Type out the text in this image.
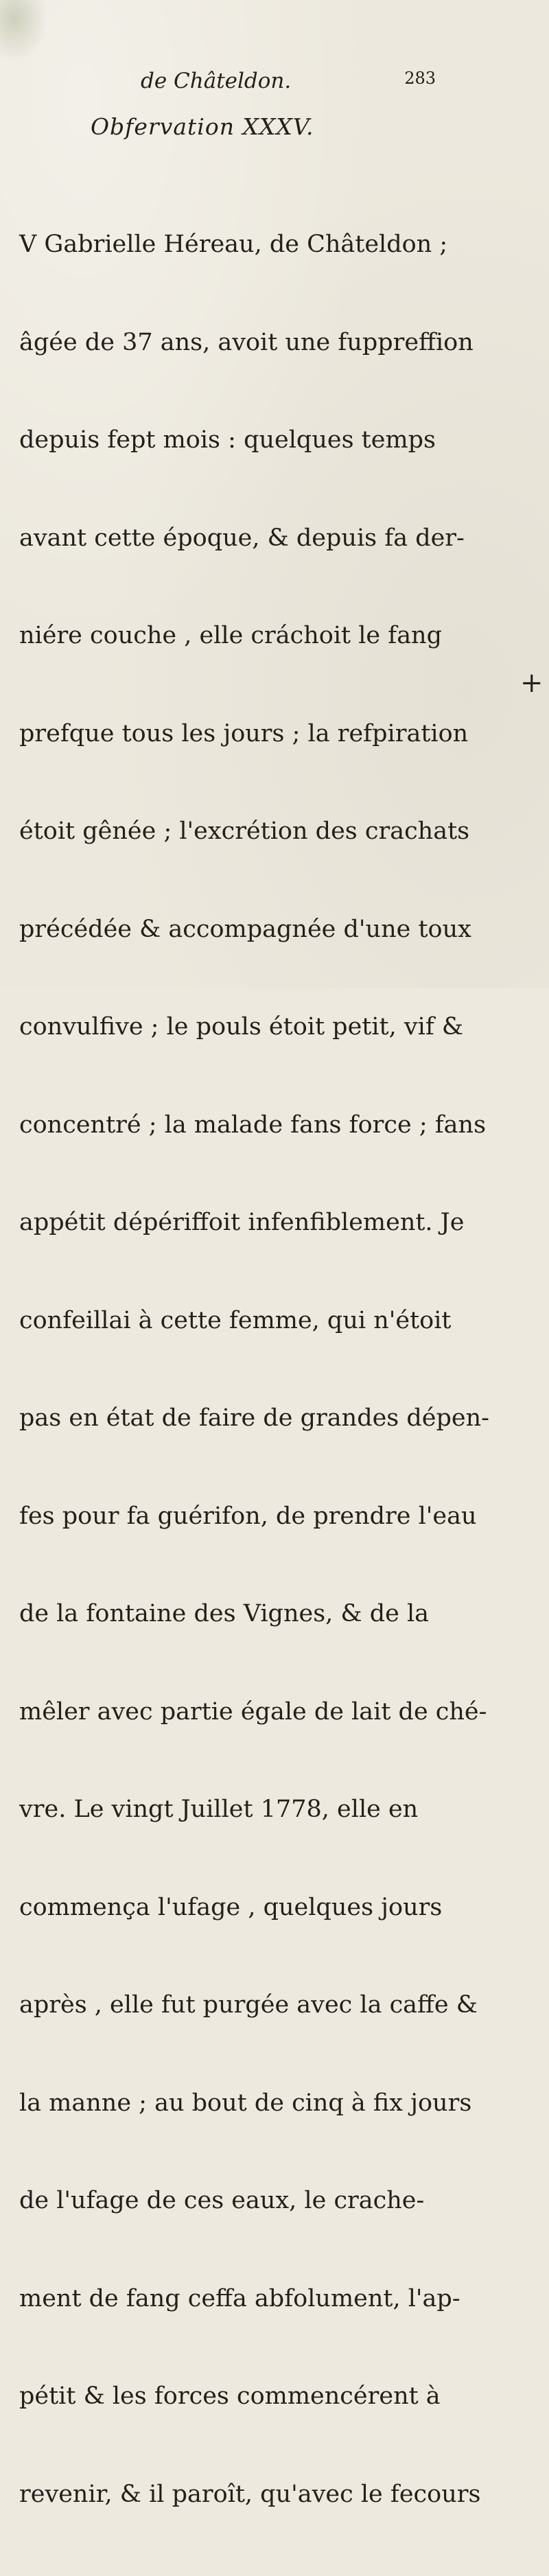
de Châteldon.	283
Obfervation XXXV.

V Gabrielle Héreau, de Châteldon ;

âgée de 37 ans, avoit une fuppreffion

depuis fept mois : quelques temps

avant cette époque, & depuis fa der-

niére couche , elle cráchoit le fang

prefque tous les jours ; la refpiration

étoit gênée ; l'excrétion des crachats

précédée & accompagnée d'une toux

convulfive ; le pouls étoit petit, vif &

concentré ; la malade fans force ; fans

appétit dépériffoit infenfiblement. Je

confeillai à cette femme, qui n'étoit

pas en état de faire de grandes dépen-

fes pour fa guérifon, de prendre l'eau

de la fontaine des Vignes, & de la

mêler avec partie égale de lait de ché-

vre. Le vingt Juillet 1778, elle en

commença l'ufage , quelques jours

après , elle fut purgée avec la caffe &

la manne ; au bout de cinq à fix jours

de l'ufage de ces eaux, le crache-

ment de fang ceffa abfolument, l'ap-

pétit & les forces commencérent à

revenir, & il paroît, qu'avec le fecours

+
